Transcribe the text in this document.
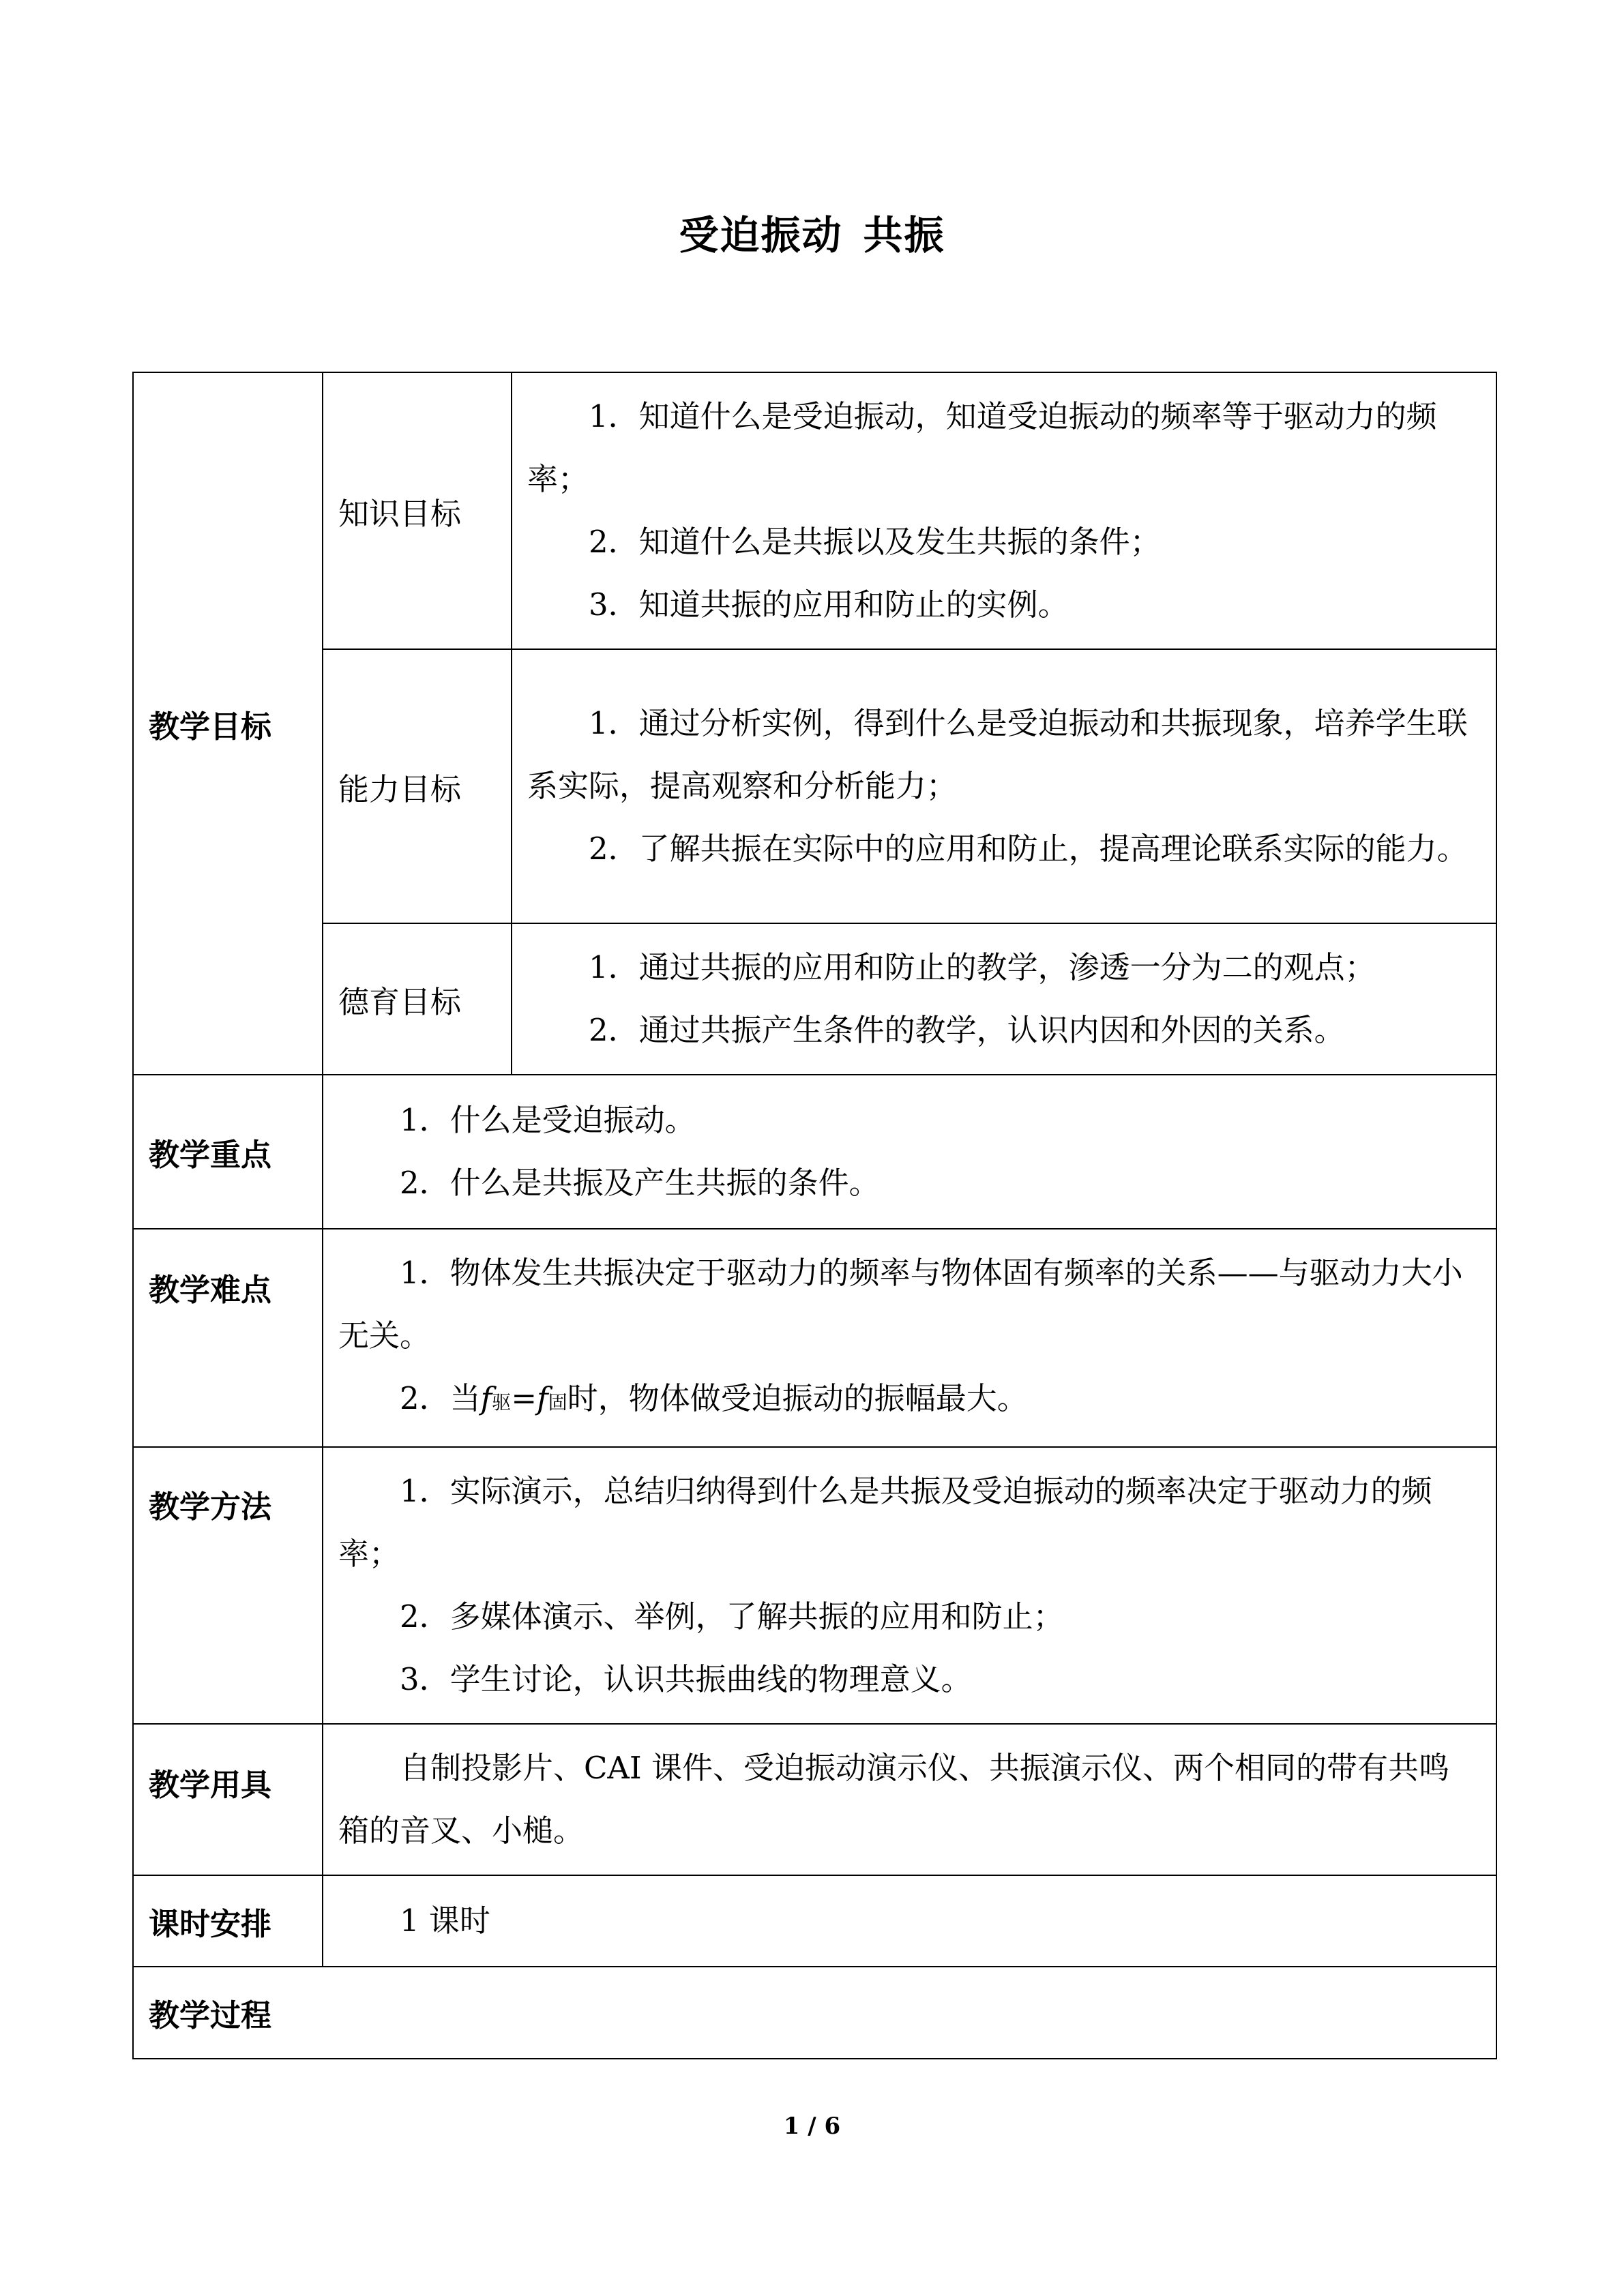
受迫振动 共振
教学目标	知识目标	1．知道什么是受迫振动，知道受迫振动的频率等于驱动力的频率；
2．知道什么是共振以及发生共振的条件；
3．知道共振的应用和防止的实例。

	能力目标	1．通过分析实例，得到什么是受迫振动和共振现象，培养学生联系实际，提高观察和分析能力；
2．了解共振在实际中的应用和防止，提高理论联系实际的能力。

	德育目标	1．通过共振的应用和防止的教学，渗透一分为二的观点；
2．通过共振产生条件的教学，认识内因和外因的关系。

教学重点	1．什么是受迫振动。
2．什么是共振及产生共振的条件。	

教学难点	1．物体发生共振决定于驱动力的频率与物体固有频率的关系——与驱动力大小无关。
2．当f驱=f固时，物体做受迫振动的振幅最大。	

教学方法	1．实际演示，总结归纳得到什么是共振及受迫振动的频率决定于驱动力的频率；
2．多媒体演示、举例，了解共振的应用和防止；
3．学生讨论，认识共振曲线的物理意义。	

教学用具	自制投影片、CAI 课件、受迫振动演示仪、共振演示仪、两个相同的带有共鸣箱的音叉、小槌。	

课时安排	1 课时	

教学过程		
1 / 6
